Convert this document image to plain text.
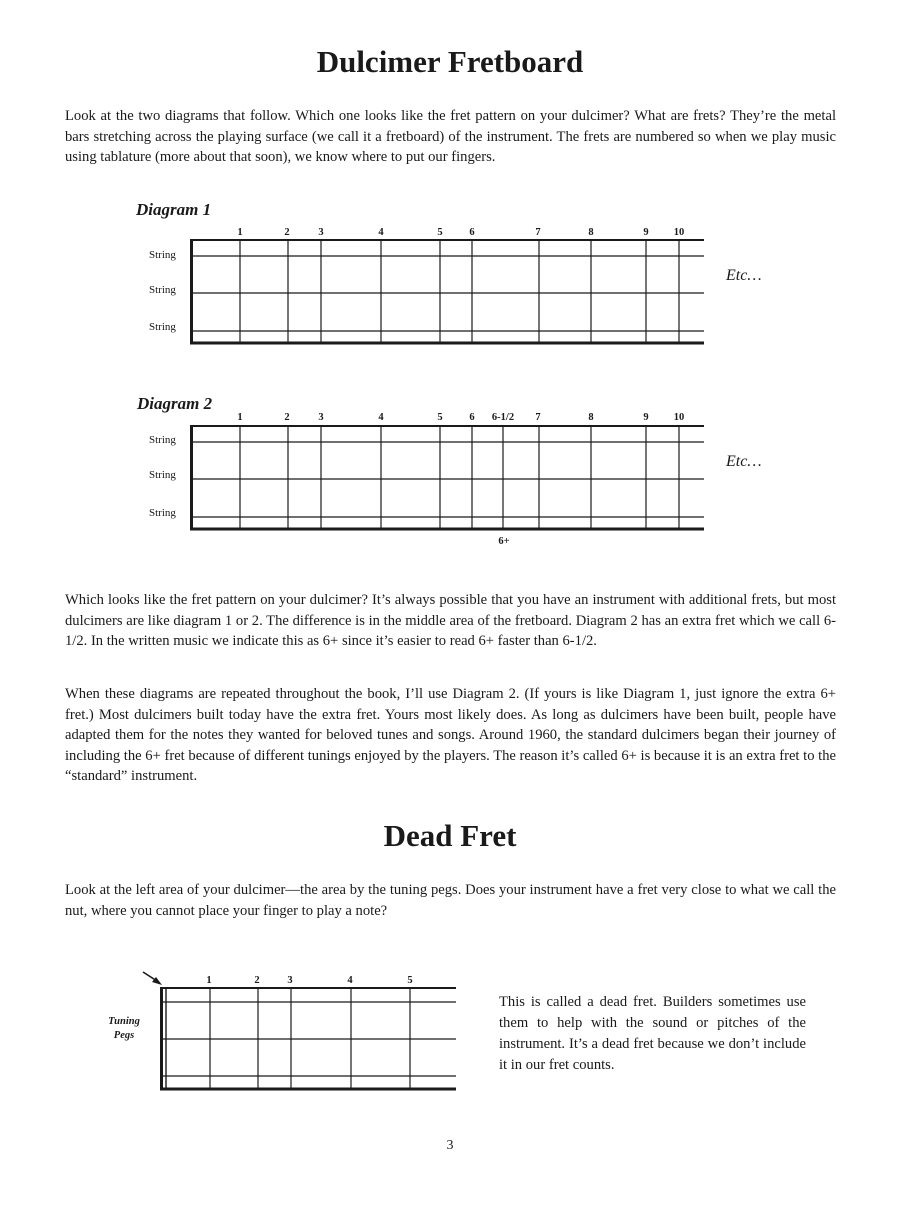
Dulcimer Fretboard

Look at the two diagrams that follow. Which one looks like the fret pattern on your dulcimer? What are frets? They’re the metal bars stretching across the playing surface (we call it a fretboard) of the instrument. The frets are numbered so when we play music using tablature (more about that soon), we know where to put our fingers.

Diagram 1
1	2	3	4	5	6	7	8	9 10
String
String
String
Etc…
Diagram 2
1	2	3	4	5	6 6-1/2 7	8	9 10
String
String
String
6+
Etc…

Which looks like the fret pattern on your dulcimer? It’s always possible that you have an instrument with additional frets, but most dulcimers are like diagram 1 or 2. The difference is in the middle area of the fretboard. Diagram 2 has an extra fret which we call 6-1/2. In the written music we indicate this as 6+ since it’s easier to read 6+ faster than 6-1/2.

When these diagrams are repeated throughout the book, I’ll use Diagram 2. (If yours is like Diagram 1, just ignore the extra 6+ fret.) Most dulcimers built today have the extra fret. Yours most likely does. As long as dulcimers have been built, people have adapted them for the notes they wanted for beloved tunes and songs. Around 1960, the standard dulcimers began their journey of including the 6+ fret because of different tunings enjoyed by the players. The reason it’s called 6+ is because it is an extra fret to the “standard” instrument.

Dead Fret

Look at the left area of your dulcimer—the area by the tuning pegs. Does your instrument have a fret very close to what we call the nut, where you cannot place your finger to play a note?

1	2	3	4	5
Tuning
Pegs

This is called a dead fret. Builders sometimes use them to help with the sound or pitches of the instrument. It’s a dead fret because we don’t include it in our fret counts.

3
